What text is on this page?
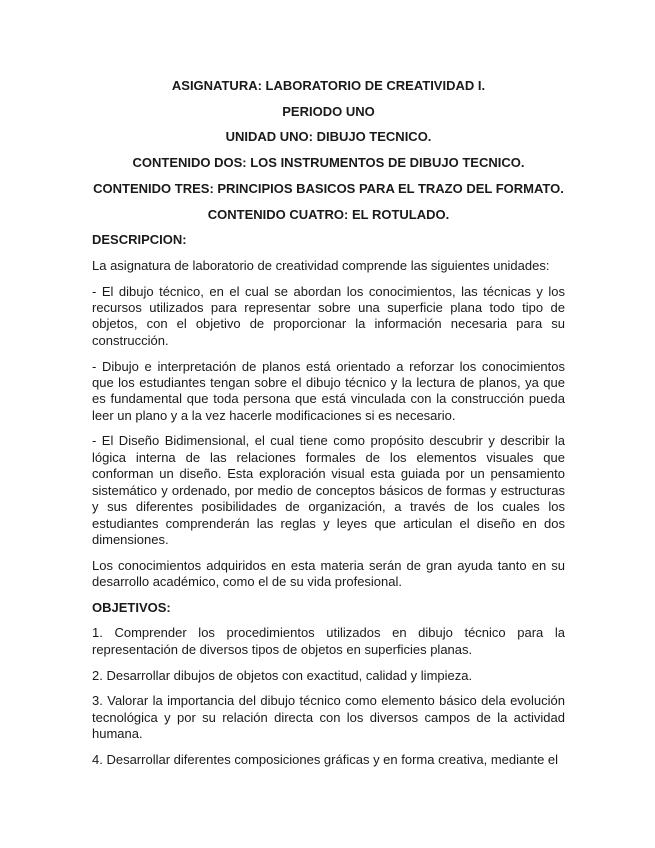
ASIGNATURA: LABORATORIO DE CREATIVIDAD I.

PERIODO UNO

UNIDAD UNO: DIBUJO TECNICO.

CONTENIDO DOS: LOS INSTRUMENTOS DE DIBUJO TECNICO.

CONTENIDO TRES: PRINCIPIOS BASICOS PARA EL TRAZO DEL FORMATO.

CONTENIDO CUATRO: EL ROTULADO.

DESCRIPCION:

La asignatura de laboratorio de creatividad comprende las siguientes unidades:

- El dibujo técnico, en el cual se abordan los conocimientos, las técnicas y los recursos utilizados para representar sobre una superficie plana todo tipo de objetos, con el objetivo de proporcionar la información necesaria para su construcción.

- Dibujo e interpretación de planos está orientado a reforzar los conocimientos que los estudiantes tengan sobre el dibujo técnico y la lectura de planos, ya que es fundamental que toda persona que está vinculada con la construcción pueda leer un plano y a la vez hacerle modificaciones si es necesario.

- El Diseño Bidimensional, el cual tiene como propósito descubrir y describir la lógica interna de las relaciones formales de los elementos visuales que conforman un diseño. Esta exploración visual esta guiada por un pensamiento sistemático y ordenado, por medio de conceptos básicos de formas y estructuras y sus diferentes posibilidades de organización, a través de los cuales los estudiantes comprenderán las reglas y leyes que articulan el diseño en dos dimensiones.

Los conocimientos adquiridos en esta materia serán de gran ayuda tanto en su desarrollo académico, como el de su vida profesional.

OBJETIVOS:

1. Comprender los procedimientos utilizados en dibujo técnico para la representación de diversos tipos de objetos en superficies planas.

2. Desarrollar dibujos de objetos con exactitud, calidad y limpieza.

3. Valorar la importancia del dibujo técnico como elemento básico dela evolución tecnológica y por su relación directa con los diversos campos de la actividad humana.

4. Desarrollar diferentes composiciones gráficas y en forma creativa, mediante el
